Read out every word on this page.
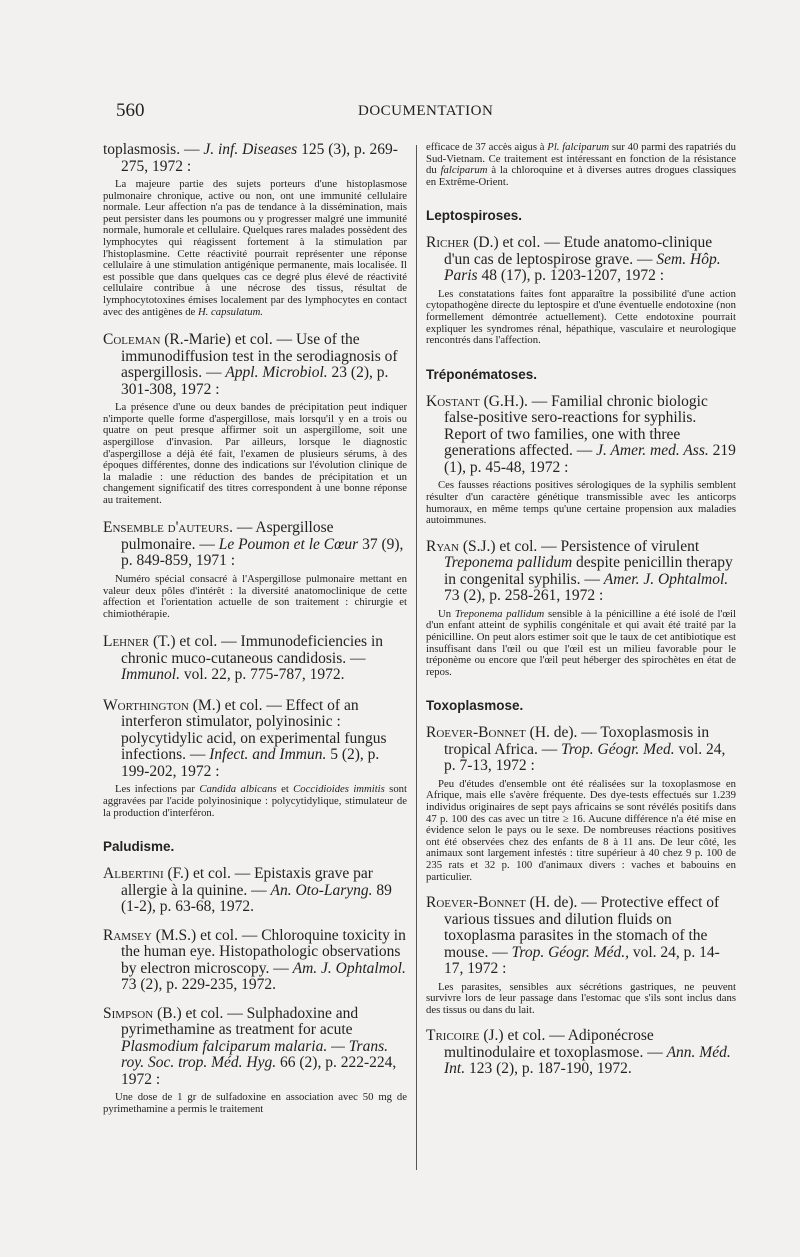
560	DOCUMENTATION

toplasmosis. — J. inf. Diseases 125 (3), p. 269-275, 1972 :

La majeure partie des sujets porteurs d'une histoplasmose pulmonaire chronique, active ou non, ont une immunité cellulaire normale. Leur affection n'a pas de tendance à la dissémination, mais peut persister dans les poumons ou y progresser malgré une immunité normale, humorale et cellulaire. Quelques rares malades possèdent des lymphocytes qui réagissent fortement à la stimulation par l'histoplasmine. Cette réactivité pourrait représenter une réponse cellulaire à une stimulation antigénique permanente, mais localisée. Il est possible que dans quelques cas ce degré plus élevé de réactivité cellulaire contribue à une nécrose des tissus, résultat de lymphocytotoxines émises localement par des lymphocytes en contact avec des antigènes de H. capsulatum.

Coleman (R.-Marie) et col. — Use of the immunodiffusion test in the serodiagnosis of aspergillosis. — Appl. Microbiol. 23 (2), p. 301-308, 1972 :

La présence d'une ou deux bandes de précipitation peut indiquer n'importe quelle forme d'aspergillose, mais lorsqu'il y en a trois ou quatre on peut presque affirmer soit un aspergillome, soit une aspergillose d'invasion. Par ailleurs, lorsque le diagnostic d'aspergillose a déjà été fait, l'examen de plusieurs sérums, à des époques différentes, donne des indications sur l'évolution clinique de la maladie : une réduction des bandes de précipitation et un changement significatif des titres correspondent à une bonne réponse au traitement.

Ensemble d'auteurs. — Aspergillose pulmonaire. — Le Poumon et le Cœur 37 (9), p. 849-859, 1971 :

Numéro spécial consacré à l'Aspergillose pulmonaire mettant en valeur deux pôles d'intérêt : la diversité anatomoclinique de cette affection et l'orientation actuelle de son traitement : chirurgie et chimiothérapie.

Lehner (T.) et col. — Immunodeficiencies in chronic muco-cutaneous candidosis. — Immunol. vol. 22, p. 775-787, 1972.

Worthington (M.) et col. — Effect of an interferon stimulator, polyinosinic : polycytidylic acid, on experimental fungus infections. — Infect. and Immun. 5 (2), p. 199-202, 1972 :

Les infections par Candida albicans et Coccidioides immitis sont aggravées par l'acide polyinosinique : polycytidylique, stimulateur de la production d'interféron.

Paludisme.

Albertini (F.) et col. — Epistaxis grave par allergie à la quinine. — An. Oto-Laryng. 89 (1-2), p. 63-68, 1972.

Ramsey (M.S.) et col. — Chloroquine toxicity in the human eye. Histopathologic observations by electron microscopy. — Am. J. Ophtalmol. 73 (2), p. 229-235, 1972.

Simpson (B.) et col. — Sulphadoxine and pyrimethamine as treatment for acute Plasmodium falciparum malaria. — Trans. roy. Soc. trop. Méd. Hyg. 66 (2), p. 222-224, 1972 :

Une dose de 1 gr de sulfadoxine en association avec 50 mg de pyrimethamine a permis le traitement

efficace de 37 accès aigus à Pl. falciparum sur 40 parmi des rapatriés du Sud-Vietnam. Ce traitement est intéressant en fonction de la résistance du falciparum à la chloroquine et à diverses autres drogues classiques en Extrême-Orient.

Leptospiroses.

Richer (D.) et col. — Etude anatomo-clinique d'un cas de leptospirose grave. — Sem. Hôp. Paris 48 (17), p. 1203-1207, 1972 :

Les constatations faites font apparaître la possibilité d'une action cytopathogène directe du leptospire et d'une éventuelle endotoxine (non formellement démontrée actuellement). Cette endotoxine pourrait expliquer les syndromes rénal, hépathique, vasculaire et neurologique rencontrés dans l'affection.

Tréponématoses.

Kostant (G.H.). — Familial chronic biologic false-positive sero-reactions for syphilis. Report of two families, one with three generations affected. — J. Amer. med. Ass. 219 (1), p. 45-48, 1972 :

Ces fausses réactions positives sérologiques de la syphilis semblent résulter d'un caractère génétique transmissible avec les anticorps humoraux, en même temps qu'une certaine propension aux maladies autoimmunes.

Ryan (S.J.) et col. — Persistence of virulent Treponema pallidum despite penicillin therapy in congenital syphilis. — Amer. J. Ophtalmol. 73 (2), p. 258-261, 1972 :

Un Treponema pallidum sensible à la pénicilline a été isolé de l'œil d'un enfant atteint de syphilis congénitale et qui avait été traité par la pénicilline. On peut alors estimer soit que le taux de cet antibiotique est insuffisant dans l'œil ou que l'œil est un milieu favorable pour le tréponème ou encore que l'œil peut héberger des spirochètes en état de repos.

Toxoplasmose.

Roever-Bonnet (H. de). — Toxoplasmosis in tropical Africa. — Trop. Géogr. Med. vol. 24, p. 7-13, 1972 :

Peu d'études d'ensemble ont été réalisées sur la toxoplasmose en Afrique, mais elle s'avère fréquente. Des dye-tests effectués sur 1.239 individus originaires de sept pays africains se sont révélés positifs dans 47 p. 100 des cas avec un titre ≥ 16. Aucune différence n'a été mise en évidence selon le pays ou le sexe. De nombreuses réactions positives ont été observées chez des enfants de 8 à 11 ans. De leur côté, les animaux sont largement infestés : titre supérieur à 40 chez 9 p. 100 de 235 rats et 32 p. 100 d'animaux divers : vaches et babouins en particulier.

Roever-Bonnet (H. de). — Protective effect of various tissues and dilution fluids on toxoplasma parasites in the stomach of the mouse. — Trop. Géogr. Méd., vol. 24, p. 14-17, 1972 :

Les parasites, sensibles aux sécrétions gastriques, ne peuvent survivre lors de leur passage dans l'estomac que s'ils sont inclus dans des tissus ou dans du lait.

Tricoire (J.) et col. — Adiponécrose multinodulaire et toxoplasmose. — Ann. Méd. Int. 123 (2), p. 187-190, 1972.
